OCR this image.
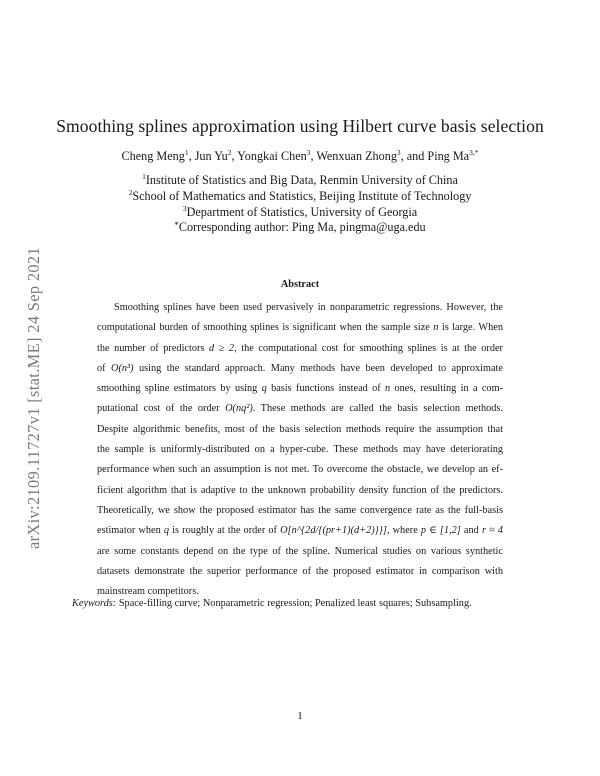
arXiv:2109.11727v1 [stat.ME] 24 Sep 2021
Smoothing splines approximation using Hilbert curve basis selection
Cheng Meng$^1$, Jun Yu$^2$, Yongkai Chen$^3$, Wenxuan Zhong$^3$, and Ping $Ma^{3,*}$
$^1$Institute of Statistics and Big Data, Renmin University of China
$^2$School of Mathematics and Statistics, Beijing Institute of Technology
$^3$Department of Statistics, University of Georgia
*Corresponding author: Ping Ma, pingma@uga.edu
Abstract
Smoothing splines have been used pervasively in nonparametric regressions. However, the
computational burden of smoothing splines is significant when the sample size n is large. When
the number of predictors d ≥ 2, the computational cost for smoothing splines is at the order
of O(n³) using the standard approach. Many methods have been developed to approximate
smoothing spline estimators by using q basis functions instead of n ones, resulting in a com-
putational cost of the order O(nq²). These methods are called the basis selection methods.
Despite algorithmic benefits, most of the basis selection methods require the assumption that
the sample is uniformly-distributed on a hyper-cube. These methods may have deteriorating
performance when such an assumption is not met. To overcome the obstacle, we develop an ef-
ficient algorithm that is adaptive to the unknown probability density function of the predictors.
Theoretically, we show the proposed estimator has the same convergence rate as the full-basis
estimator when q is roughly at the order of O[n^{2d/{(pr+1)(d+2)}}], where p ∈ [1,2] and r ≈ 4
are some constants depend on the type of the spline. Numerical studies on various synthetic
datasets demonstrate the superior performance of the proposed estimator in comparison with
mainstream competitors.
Keywords: Space-filling curve; Nonparametric regression; Penalized least squares; Subsampling.
1
